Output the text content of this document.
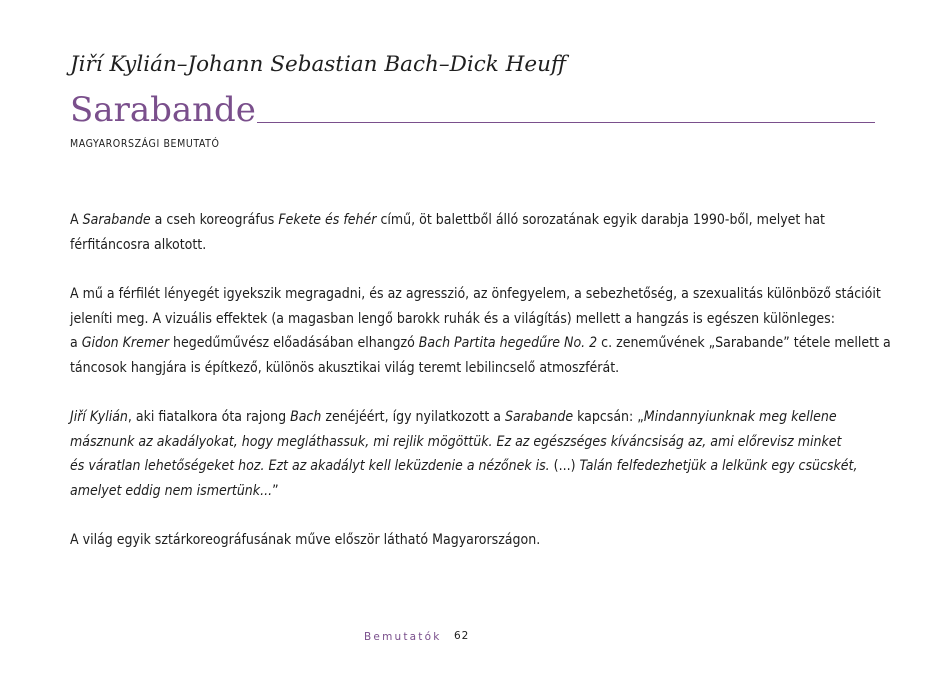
Jiří Kylián–Johann Sebastian Bach–Dick Heuff
Sarabande
MAGYARORSZÁGI BEMUTATÓ

A Sarabande a cseh koreográfus Fekete és fehér című, öt balettből álló sorozatának egyik darabja 1990-ből, melyet hat
férfitáncosra alkotott.

A mű a férfilét lényegét igyekszik megragadni, és az agresszió, az önfegyelem, a sebezhetőség, a szexualitás különböző stációit
jeleníti meg. A vizuális effektek (a magasban lengő barokk ruhák és a világítás) mellett a hangzás is egészen különleges:
a Gidon Kremer hegedűművész előadásában elhangzó Bach Partita hegedűre No. 2 c. zeneművének „Sarabande” tétele mellett a
táncosok hangjára is építkező, különös akusztikai világ teremt lebilincselő atmoszférát.

Jiří Kylián, aki fiatalkora óta rajong Bach zenéjéért, így nyilatkozott a Sarabande kapcsán: „Mindannyiunknak meg kellene
másznunk az akadályokat, hogy megláthassuk, mi rejlik mögöttük. Ez az egészséges kíváncsiság az, ami előrevisz minket
és váratlan lehetőségeket hoz. Ezt az akadályt kell leküzdenie a nézőnek is. (...) Talán felfedezhetjük a lelkünk egy csücskét,
amelyet eddig nem ismertünk...”

A világ egyik sztárkoreográfusának műve először látható Magyarországon.

Bemutatók 62
